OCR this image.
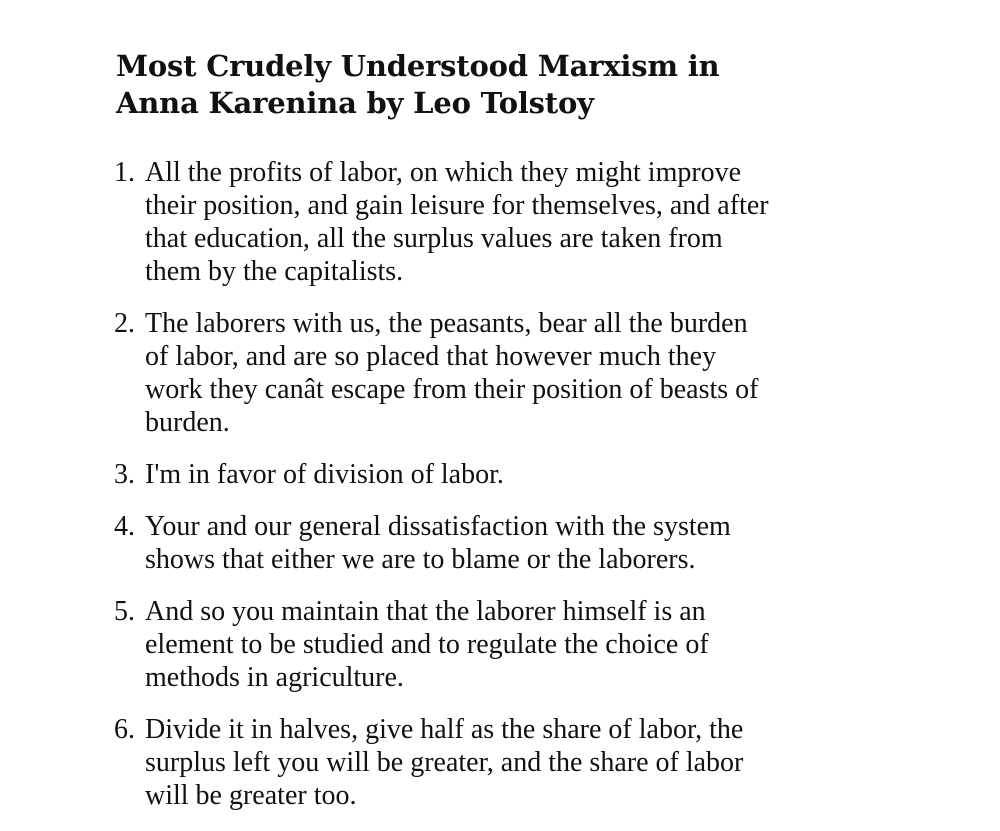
Most Crudely Understood Marxism in
Anna Karenina by Leo Tolstoy
1. All the profits of labor, on which they might improve
their position, and gain leisure for themselves, and after
that education, all the surplus values are taken from
them by the capitalists.
2. The laborers with us, the peasants, bear all the burden
of labor, and are so placed that however much they
work they canât escape from their position of beasts of
burden.
3. I'm in favor of division of labor.
4. Your and our general dissatisfaction with the system
shows that either we are to blame or the laborers.
5. And so you maintain that the laborer himself is an
element to be studied and to regulate the choice of
methods in agriculture.
6. Divide it in halves, give half as the share of labor, the
surplus left you will be greater, and the share of labor
will be greater too.
